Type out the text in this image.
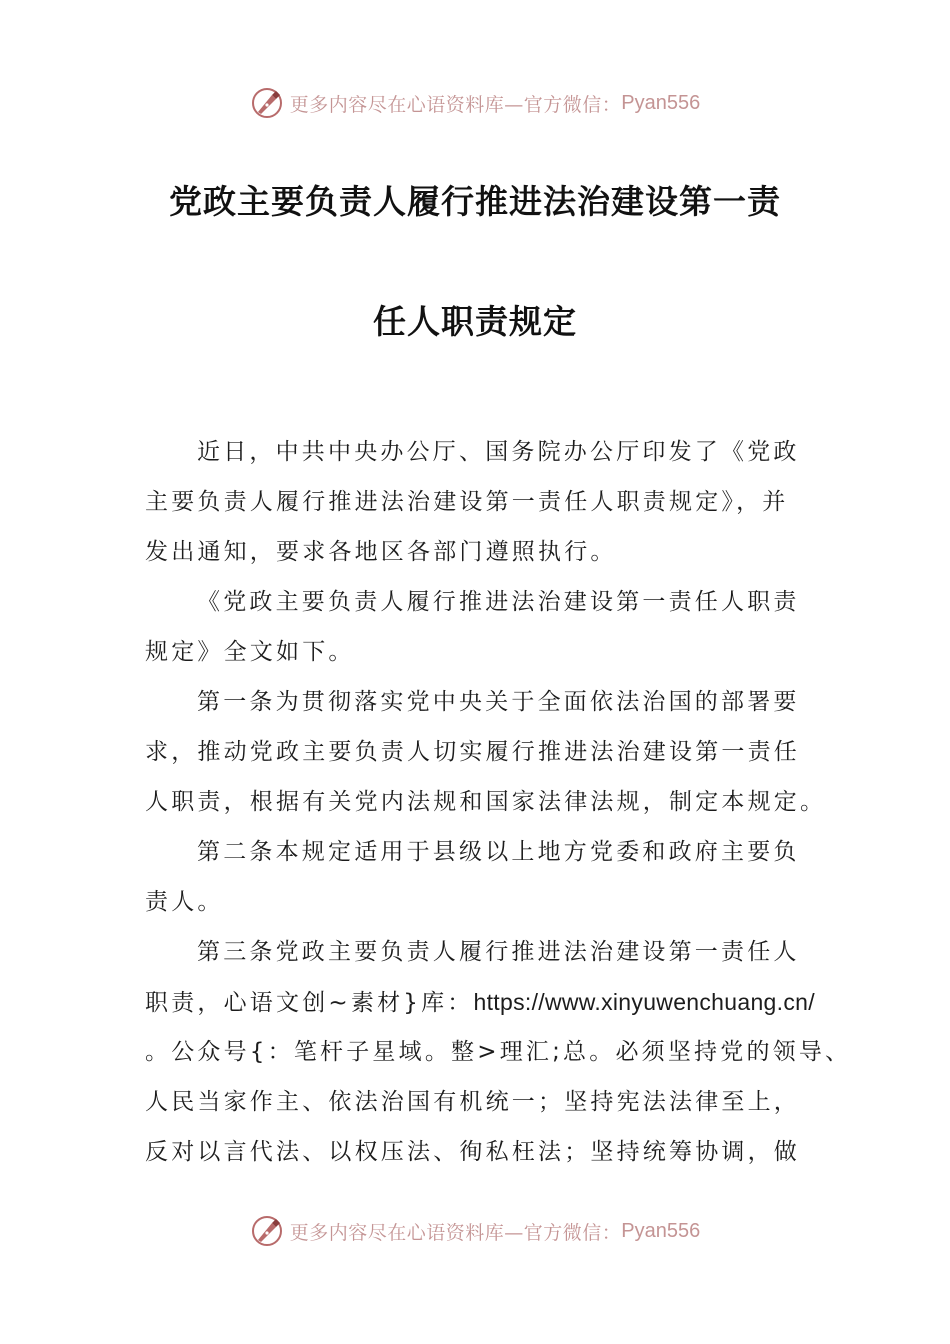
更多内容尽在心语资料库—官方微信： Pyan556
党政主要负责人履行推进法治建设第一责
任人职责规定
近日，中共中央办公厅、国务院办公厅印发了《党政
主要负责人履行推进法治建设第一责任人职责规定》，并
发出通知，要求各地区各部门遵照执行。
《党政主要负责人履行推进法治建设第一责任人职责
规定》全文如下。
第一条为贯彻落实党中央关于全面依法治国的部署要
求，推动党政主要负责人切实履行推进法治建设第一责任
人职责，根据有关党内法规和国家法律法规，制定本规定。
第二条本规定适用于县级以上地方党委和政府主要负
责人。
第三条党政主要负责人履行推进法治建设第一责任人
职责，心语文创~素材}库：https://www.xinyuwenchuang.cn/
。公众号{：笔杆子星域。整>理汇;总。必须坚持党的领导、
人民当家作主、依法治国有机统一；坚持宪法法律至上，
反对以言代法、以权压法、徇私枉法；坚持统筹协调，做
更多内容尽在心语资料库—官方微信： Pyan556
